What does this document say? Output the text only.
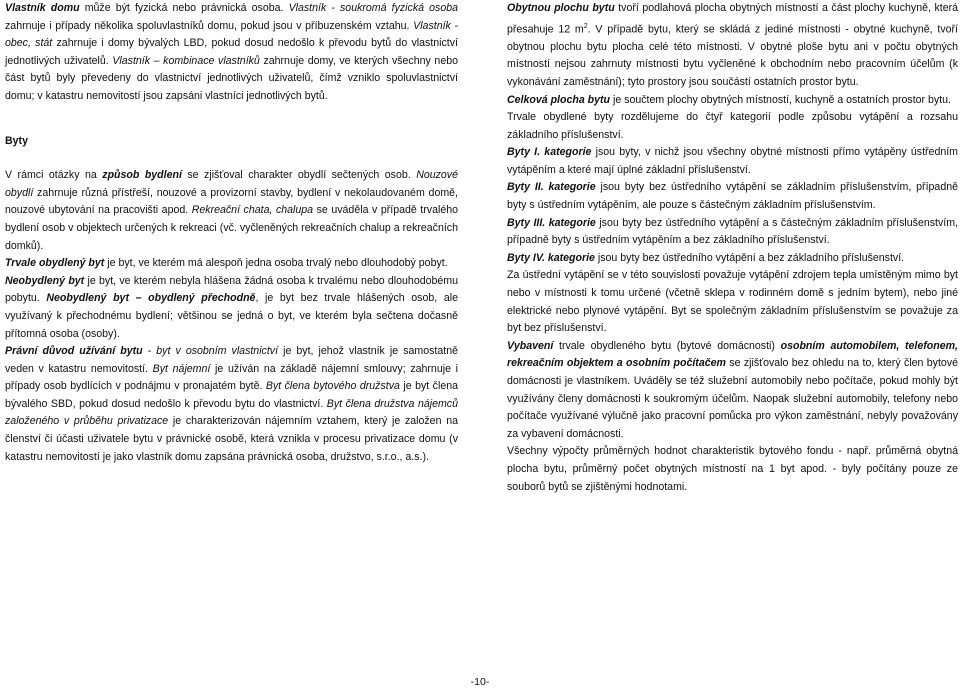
Vlastník domu může být fyzická nebo právnická osoba. Vlastník - soukromá fyzická osoba zahrnuje i případy několika spoluvlastníků domu, pokud jsou v příbuzenském vztahu. Vlastník - obec, stát zahrnuje i domy bývalých LBD, pokud dosud nedošlo k převodu bytů do vlastnictví jednotlivých uživatelů. Vlastník – kombinace vlastníků zahrnuje domy, ve kterých všechny nebo část bytů byly převedeny do vlastnictví jednotlivých uživatelů, čímž vzniklo spoluvlastnictví domu; v katastru nemovitostí jsou zapsáni vlastníci jednotlivých bytů.

Byty

V rámci otázky na způsob bydlení se zjišťoval charakter obydlí sečtených osob. Nouzové obydlí zahrnuje různá přístřeší, nouzové a provizorní stavby, bydlení v nekolaudovaném domě, nouzové ubytování na pracovišti apod. Rekreační chata, chalupa se uváděla v případě trvalého bydlení osob v objektech určených k rekreaci (vč. vyčleněných rekreačních chalup a rekreačních domků).

Trvale obydlený byt je byt, ve kterém má alespoň jedna osoba trvalý nebo dlouhodobý pobyt.

Neobydlený byt je byt, ve kterém nebyla hlášena žádná osoba k trvalému nebo dlouhodobému pobytu. Neobydlený byt – obydlený přechodně, je byt bez trvale hlášených osob, ale využívaný k přechodnému bydlení; většinou se jedná o byt, ve kterém byla sečtena dočasně přítomná osoba (osoby).

Právní důvod užívání bytu - byt v osobním vlastnictví je byt, jehož vlastník je samostatně veden v katastru nemovitostí. Byt nájemní je užíván na základě nájemní smlouvy; zahrnuje i případy osob bydlících v podnájmu v pronajatém bytě. Byt člena bytového družstva je byt člena bývalého SBD, pokud dosud nedošlo k převodu bytu do vlastnictví. Byt člena družstva nájemců založeného v průběhu privatizace je charakterizován nájemním vztahem, který je založen na členství či účasti uživatele bytu v právnické osobě, která vznikla v procesu privatizace domu (v katastru nemovitostí je jako vlastník domu zapsána právnická osoba, družstvo, s.r.o., a.s.).

Obytnou plochu bytu tvoří podlahová plocha obytných místností a část plochy kuchyně, která přesahuje 12 $m^2$. V případě bytu, který se skládá z jediné místnosti - obytné kuchyně, tvoří obytnou plochu bytu plocha celé této místnosti. V obytné ploše bytu ani v počtu obytných místností nejsou zahrnuty místnosti bytu vyčleněné k obchodním nebo pracovním účelům (k vykonávání zaměstnání); tyto prostory jsou součástí ostatních prostor bytu.

Celková plocha bytu je součtem plochy obytných místností, kuchyně a ostatních prostor bytu.

Trvale obydlené byty rozdělujeme do čtyř kategorií podle způsobu vytápění a rozsahu základního příslušenství.

Byty I. kategorie jsou byty, v nichž jsou všechny obytné místnosti přímo vytápěny ústředním vytápěním a které mají úplné základní příslušenství.

Byty II. kategorie jsou byty bez ústředního vytápění se základním příslušenstvím, případně byty s ústředním vytápěním, ale pouze s částečným základním příslušenstvím.

Byty III. kategorie jsou byty bez ústředního vytápění a s částečným základním příslušenstvím, případně byty s ústředním vytápěním a bez základního příslušenství.

Byty IV. kategorie jsou byty bez ústředního vytápění a bez základního příslušenství.

Za ústřední vytápění se v této souvislosti považuje vytápění zdrojem tepla umístěným mimo byt nebo v místnosti k tomu určené (včetně sklepa v rodinném domě s jedním bytem), nebo jiné elektrické nebo plynové vytápění. Byt se společným základním příslušenstvím se považuje za byt bez příslušenství.

Vybavení trvale obydleného bytu (bytové domácnosti) osobním automobilem, telefonem, rekreačním objektem a osobním počítačem se zjišťovalo bez ohledu na to, který člen bytové domácnosti je vlastníkem. Uváděly se též služební automobily nebo počítače, pokud mohly být využívány členy domácnosti k soukromým účelům. Naopak služební automobily, telefony nebo počítače využívané výlučně jako pracovní pomůcka pro výkon zaměstnání, nebyly považovány za vybavení domácnosti.

Všechny výpočty průměrných hodnot charakteristik bytového fondu - např. průměrná obytná plocha bytu, průměrný počet obytných místností na 1 byt apod. - byly počítány pouze ze souborů bytů se zjištěnými hodnotami.

-10-
